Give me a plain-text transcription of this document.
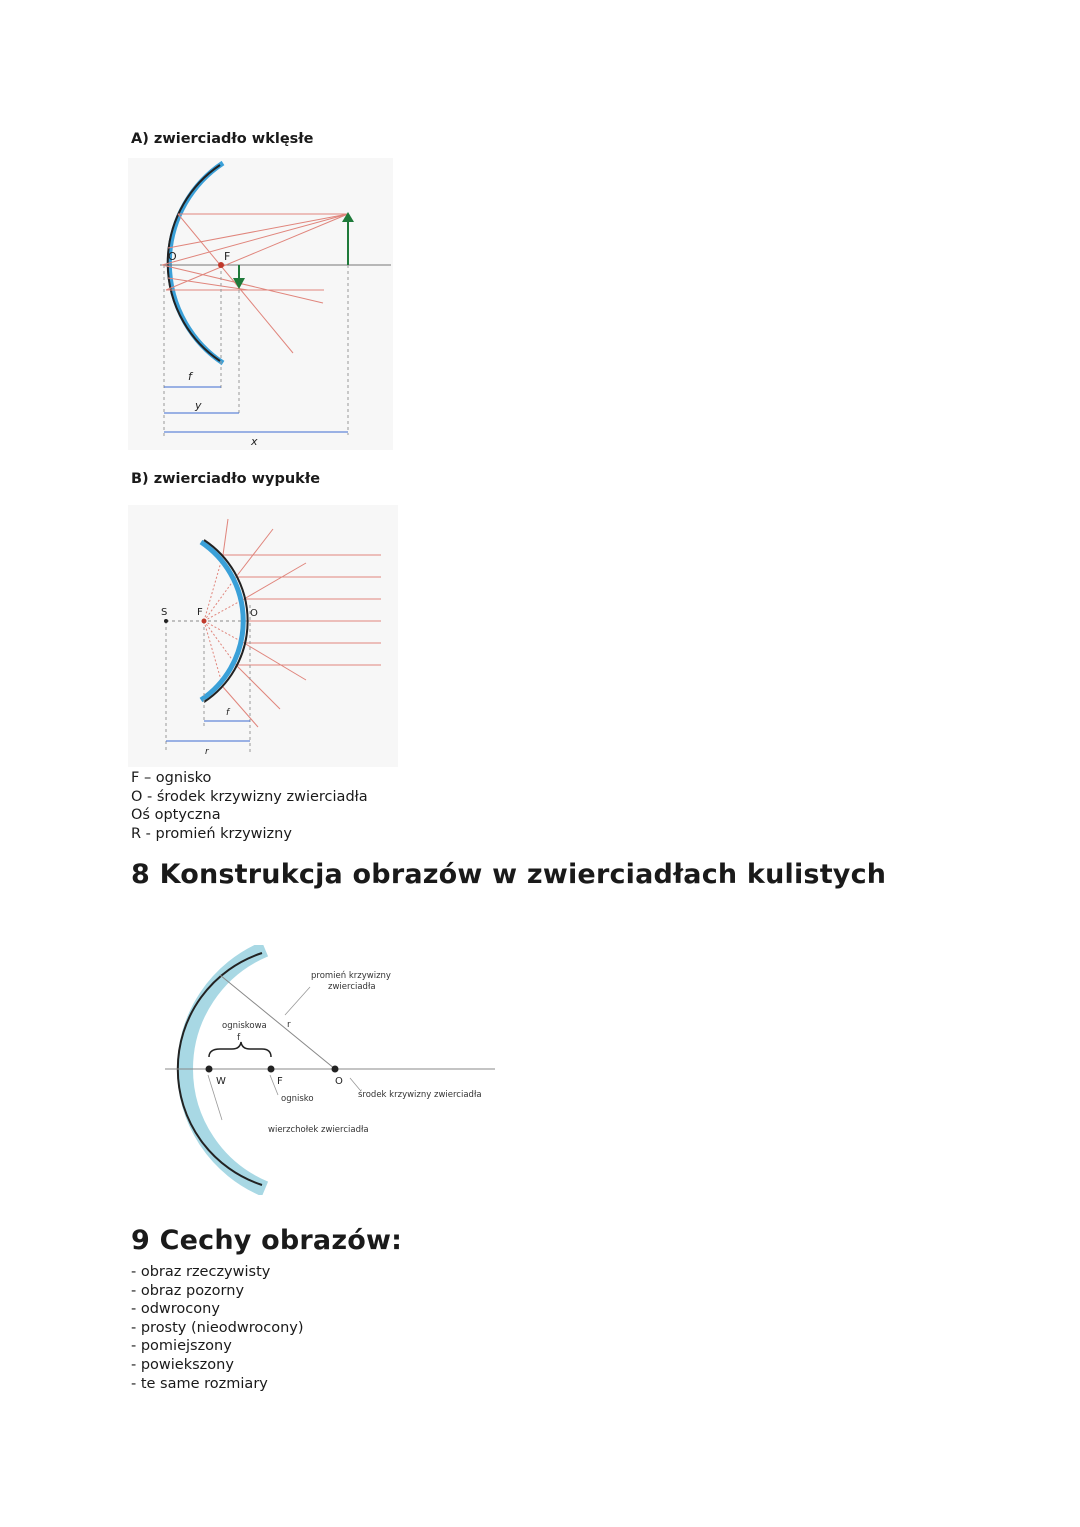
A) zwierciadło wklęsłe
O	F
f
y
x
B) zwierciadło wypukłe
S	F	O
f
r
F – ognisko
O - środek krzywizny zwierciadła
Oś optyczna
R - promień krzywizny
8 Konstrukcja obrazów w zwierciadłach kulistych
promień krzywizny
zwierciadła
ogniskowa
f
r
W	F	O
ognisko	środek krzywizny zwierciadła
wierzchołek zwierciadła
9 Cechy obrazów:
- obraz rzeczywisty
- obraz pozorny
- odwrocony
- prosty (nieodwrocony)
- pomiejszony
- powiekszony
- te same rozmiary
